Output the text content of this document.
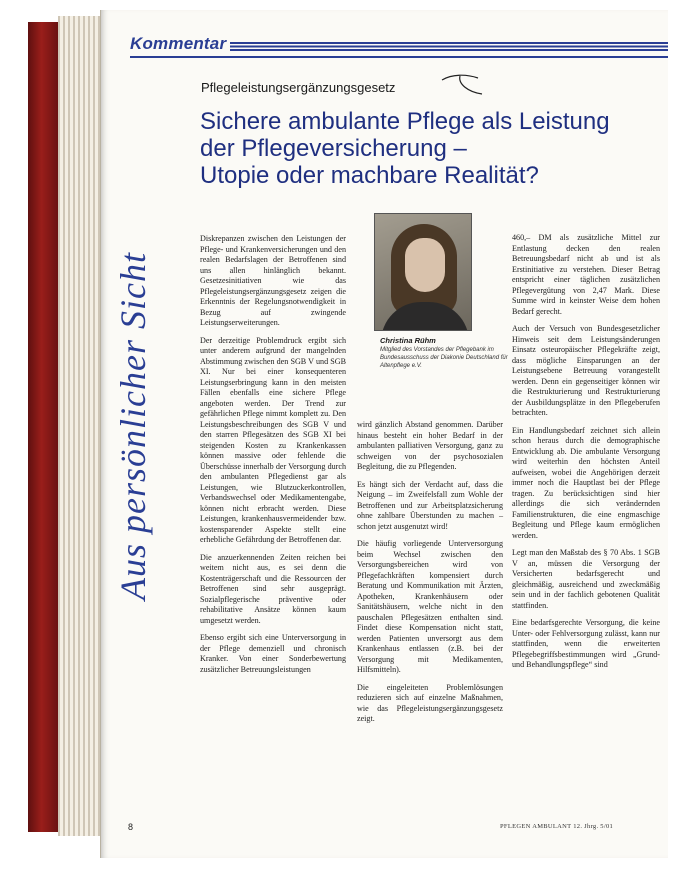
Kommentar
Aus persönlicher Sicht
Pflegeleistungsergänzungsgesetz
Sichere ambulante Pflege als Leistung
der Pflegeversicherung –
Utopie oder machbare Realität?
Christina Rühm
Mitglied des Vorstandes der Pflegebank im Bundesausschuss der Diakonie Deutschland für Altenpflege e.V.

Diskrepanzen zwischen den Leistungen der Pflege- und Krankenversicherungen und den realen Bedarfslagen der Betroffenen sind uns allen hinlänglich bekannt. Gesetzesinitiativen wie das Pflegeleistungsergänzungsgesetz zeigen die Erkenntnis der Regelungsnotwendigkeit in Bezug auf zwingende Leistungserweiterungen.

Der derzeitige Problemdruck ergibt sich unter anderem aufgrund der mangelnden Abstimmung zwischen den SGB V und SGB XI. Nur bei einer konsequenteren Leistungserbringung kann in den meisten Fällen ebenfalls eine sichere Pflege angeboten werden. Der Trend zur gefährlichen Pflege nimmt komplett zu. Den Leistungsbeschreibungen des SGB V und den starren Pflegesätzen des SGB XI bei steigenden Kosten zu Krankenkassen können massive oder fehlende die Überschüsse innerhalb der Versorgung durch den ambulanten Pflegedienst gar als Leistungen, wie Blutzuckerkontrollen, Verbandswechsel oder Medikamentengabe, können nicht erbracht werden. Diese Leistungen, krankenhausvermeidender bzw. kostensparender Aspekte stellt eine erhebliche Gefährdung der Betroffenen dar.

Die anzuerkennenden Zeiten reichen bei weitem nicht aus, es sei denn die Kostenträgerschaft und die Ressourcen der Betroffenen sind sehr ausgeprägt. Sozialpflegerische präventive oder rehabilitative Ansätze können kaum umgesetzt werden.

Ebenso ergibt sich eine Unterversorgung in der Pflege demenziell und chronisch Kranker. Von einer Sonderbewertung zusätzlicher Betreuungsleistungen

wird gänzlich Abstand genommen. Darüber hinaus besteht ein hoher Bedarf in der ambulanten palliativen Versorgung, ganz zu schweigen von der psychosozialen Begleitung, die zu Pflegenden.

Es hängt sich der Verdacht auf, dass die Neigung – im Zweifelsfall zum Wohle der Betroffenen und zur Arbeitsplatzsicherung ohne zahlbare Überstunden zu machen – schon jetzt ausgenutzt wird!

Die häufig vorliegende Unterversorgung beim Wechsel zwischen den Versorgungsbereichen wird von Pflegefachkräften kompensiert durch Beratung und Kommunikation mit Ärzten, Apotheken, Krankenhäusern oder Sanitätshäusern, welche nicht in den pauschalen Pflegesätzen enthalten sind. Findet diese Kompensation nicht statt, werden Patienten unversorgt aus dem Krankenhaus entlassen (z.B. bei der Versorgung mit Medikamenten, Hilfsmitteln).

Die eingeleiteten Problemlösungen reduzieren sich auf einzelne Maßnahmen, wie das Pflegeleistungsergänzungsgesetz zeigt.

460,– DM als zusätzliche Mittel zur Entlastung decken den realen Betreuungsbedarf nicht ab und ist als Erstinitiative zu verstehen. Dieser Betrag entspricht einer täglichen zusätzlichen Pflegevergütung von 2,47 Mark. Diese Summe wird in keinster Weise dem hohen Bedarf gerecht.

Auch der Versuch von Bundesgesetzlicher Hinweis seit dem Leistungsänderungen Einsatz osteuropäischer Pflegekräfte zeigt, dass mögliche Einsparungen an der Leistungsebene Betreuung vorangestellt werden. Denn ein gegenseitiger können wir die Restrukturierung und Restrukturierung der Ausbildungsplätze in den Pflegeberufen betrachten.

Ein Handlungsbedarf zeichnet sich allein schon heraus durch die demographische Entwicklung ab. Die ambulante Versorgung wird weiterhin den höchsten Anteil aufweisen, wobei die Angehörigen derzeit immer noch die Hauptlast bei der Pflege tragen. Zu berücksichtigen sind hier allerdings die sich verändernden Familienstrukturen, die eine engmaschige Begleitung und Pflege kaum ermöglichen werden.

Legt man den Maßstab des § 70 Abs. 1 SGB V an, müssen die Versorgung der Versicherten bedarfsgerecht und gleichmäßig, ausreichend und zweckmäßig sein und in der fachlich gebotenen Qualität stattfinden.

Eine bedarfsgerechte Versorgung, die keine Unter- oder Fehlversorgung zulässt, kann nur stattfinden, wenn die erweiterten Pflegebegriffsbestimmungen wird „Grund- und Behandlungspflege“ sind

8	PFLEGEN AMBULANT 12. Jhrg. 5/01
